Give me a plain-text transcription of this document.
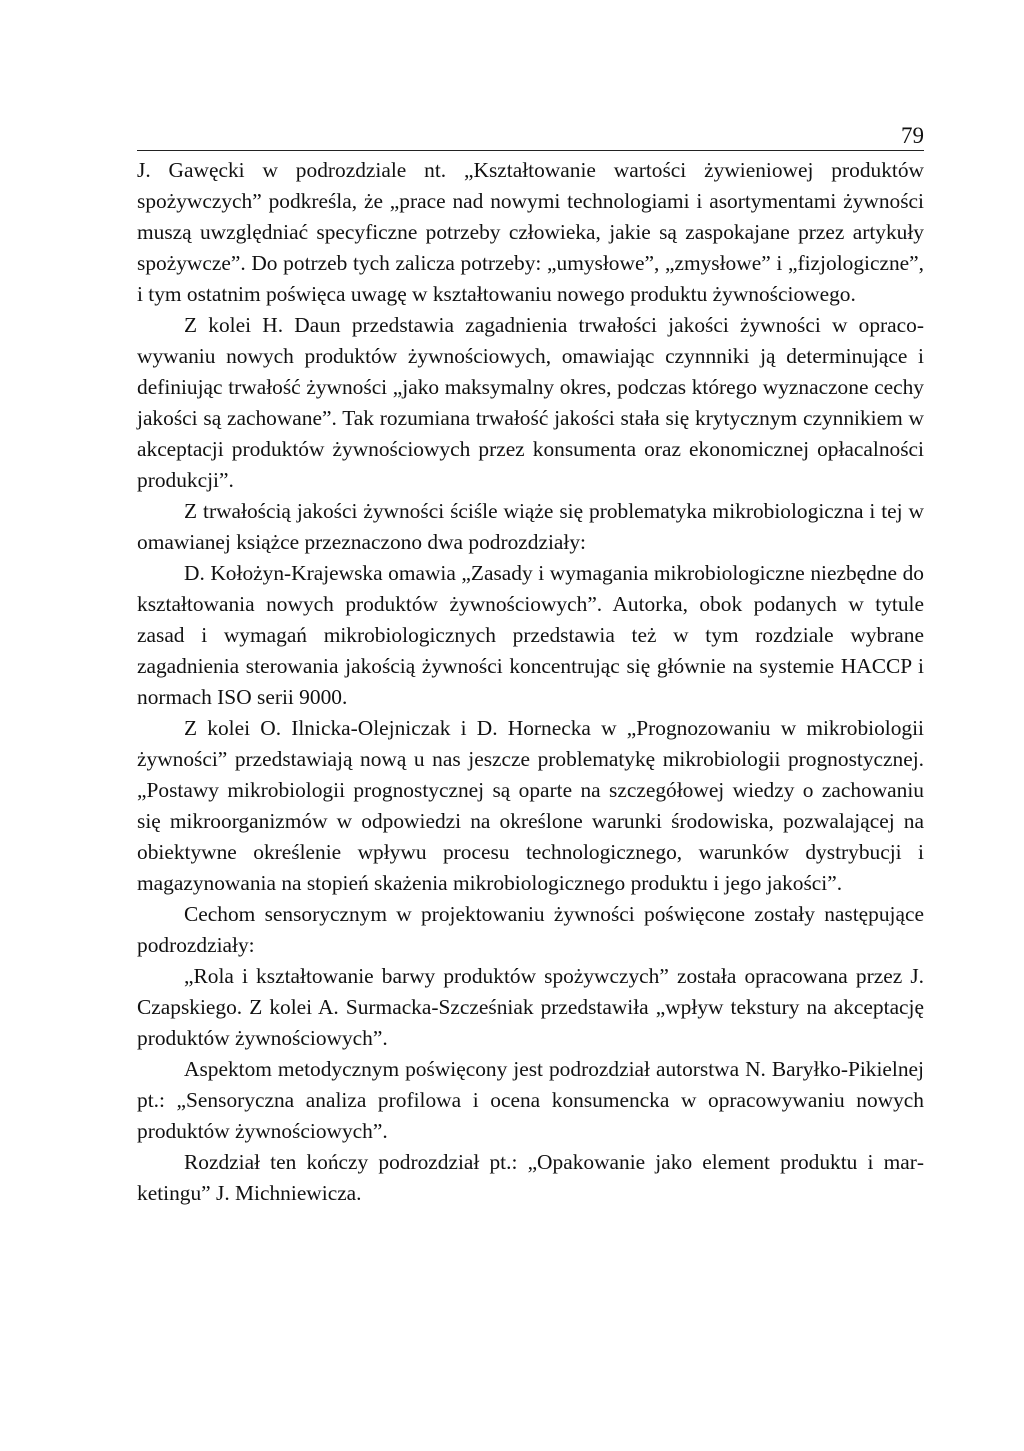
79

J. Gawęcki w podrozdziale nt. „Kształtowanie wartości żywieniowej produktów spożywczych” podkreśla, że „prace nad nowymi technologiami i asortymentami żywności muszą uwzględniać specyficzne potrzeby człowieka, jakie są zaspokajane przez artykuły spożywcze”. Do potrzeb tych zalicza potrzeby: „umysłowe”, „zmysłowe” i „fizjologiczne”, i tym ostatnim poświęca uwagę w kształtowaniu nowego produktu żywnościowego.

Z kolei H. Daun przedstawia zagadnienia trwałości jakości żywności w opracowywaniu nowych produktów żywnościowych, omawiając czynnniki ją determinujące i definiując trwałość żywności „jako maksymalny okres, podczas którego wyznaczone cechy jakości są zachowane”. Tak rozumiana trwałość jakości stała się krytycznym czynnikiem w akceptacji produktów żywnościowych przez konsumenta oraz ekonomicznej opłacalności produkcji”.

Z trwałością jakości żywności ściśle wiąże się problematyka mikrobiologiczna i tej w omawianej książce przeznaczono dwa podrozdziały:

D. Kołożyn-Krajewska omawia „Zasady i wymagania mikrobiologiczne niezbędne do kształtowania nowych produktów żywnościowych”. Autorka, obok podanych w tytule zasad i wymagań mikrobiologicznych przedstawia też w tym rozdziale wybrane zagadnienia sterowania jakością żywności koncentrując się głównie na systemie HACCP i normach ISO serii 9000.

Z kolei O. Ilnicka-Olejniczak i D. Hornecka w „Prognozowaniu w mikrobiologii żywności” przedstawiają nową u nas jeszcze problematykę mikrobiologii prognostycznej. „Postawy mikrobiologii prognostycznej są oparte na szczegółowej wiedzy o zachowaniu się mikroorganizmów w odpowiedzi na określone warunki środowiska, pozwalającej na obiektywne określenie wpływu procesu technologicznego, warunków dystrybucji i magazynowania na stopień skażenia mikrobiologicznego produktu i jego jakości”.

Cechom sensorycznym w projektowaniu żywności poświęcone zostały następujące podrozdziały:

„Rola i kształtowanie barwy produktów spożywczych” została opracowana przez J. Czapskiego. Z kolei A. Surmacka-Szcześniak przedstawiła „wpływ tekstury na akceptację produktów żywnościowych”.

Aspektom metodycznym poświęcony jest podrozdział autorstwa N. Baryłko-Pikielnej pt.: „Sensoryczna analiza profilowa i ocena konsumencka w opracowywaniu nowych produktów żywnościowych”.

Rozdział ten kończy podrozdział pt.: „Opakowanie jako element produktu i marketingu” J. Michniewicza.
